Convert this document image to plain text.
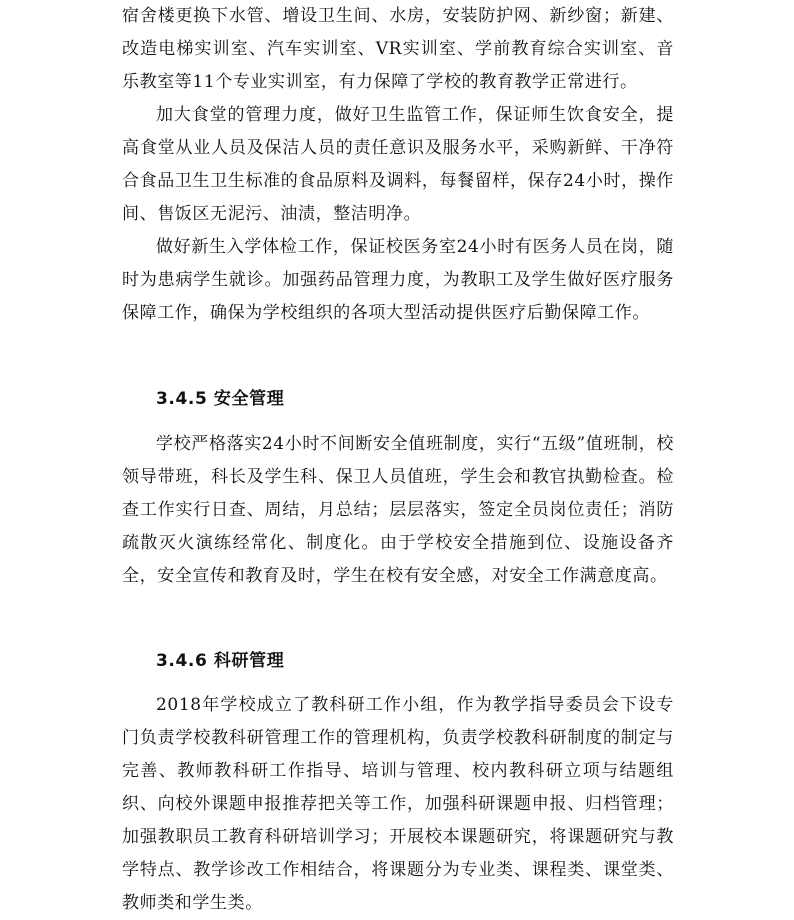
宿舍楼更换下水管、增设卫生间、水房，安装防护网、新纱窗；新建、改造电梯实训室、汽车实训室、VR实训室、学前教育综合实训室、音乐教室等11个专业实训室，有力保障了学校的教育教学正常进行。

加大食堂的管理力度，做好卫生监管工作，保证师生饮食安全，提高食堂从业人员及保洁人员的责任意识及服务水平，采购新鲜、干净符合食品卫生卫生标准的食品原料及调料，每餐留样，保存24小时，操作间、售饭区无泥污、油渍，整洁明净。

做好新生入学体检工作，保证校医务室24小时有医务人员在岗，随时为患病学生就诊。加强药品管理力度，为教职工及学生做好医疗服务保障工作，确保为学校组织的各项大型活动提供医疗后勤保障工作。

3.4.5 安全管理

学校严格落实24小时不间断安全值班制度，实行“五级”值班制，校领导带班，科长及学生科、保卫人员值班，学生会和教官执勤检查。检查工作实行日查、周结，月总结；层层落实，签定全员岗位责任；消防疏散灭火演练经常化、制度化。由于学校安全措施到位、设施设备齐全，安全宣传和教育及时，学生在校有安全感，对安全工作满意度高。

3.4.6 科研管理

2018年学校成立了教科研工作小组，作为教学指导委员会下设专门负责学校教科研管理工作的管理机构，负责学校教科研制度的制定与完善、教师教科研工作指导、培训与管理、校内教科研立项与结题组织、向校外课题申报推荐把关等工作，加强科研课题申报、归档管理；加强教职员工教育科研培训学习；开展校本课题研究，将课题研究与教学特点、教学诊改工作相结合，将课题分为专业类、课程类、课堂类、教师类和学生类。
